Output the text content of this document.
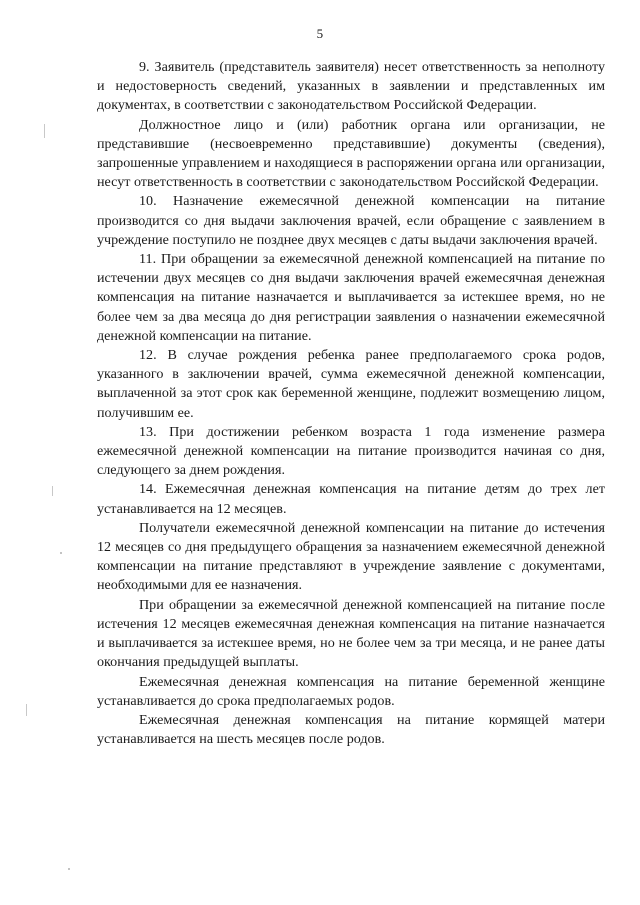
5

9. Заявитель (представитель заявителя) несет ответственность за неполноту и недостоверность сведений, указанных в заявлении и представленных им документах, в соответствии с законодательством Российской Федерации.

Должностное лицо и (или) работник органа или организации, не представившие (несвоевременно представившие) документы (сведения), запрошенные управлением и находящиеся в распоряжении органа или организации, несут ответственность в соответствии с законодательством Российской Федерации.

10. Назначение ежемесячной денежной компенсации на питание производится со дня выдачи заключения врачей, если обращение с заявлением в учреждение поступило не позднее двух месяцев с даты выдачи заключения врачей.

11. При обращении за ежемесячной денежной компенсацией на питание по истечении двух месяцев со дня выдачи заключения врачей ежемесячная денежная компенсация на питание назначается и выплачивается за истекшее время, но не более чем за два месяца до дня регистрации заявления о назначении ежемесячной денежной компенсации на питание.

12. В случае рождения ребенка ранее предполагаемого срока родов, указанного в заключении врачей, сумма ежемесячной денежной компенсации, выплаченной за этот срок как беременной женщине, подлежит возмещению лицом, получившим ее.

13. При достижении ребенком возраста 1 года изменение размера ежемесячной денежной компенсации на питание производится начиная со дня, следующего за днем рождения.

14. Ежемесячная денежная компенсация на питание детям до трех лет устанавливается на 12 месяцев.

Получатели ежемесячной денежной компенсации на питание до истечения 12 месяцев со дня предыдущего обращения за назначением ежемесячной денежной компенсации на питание представляют в учреждение заявление с документами, необходимыми для ее назначения.

При обращении за ежемесячной денежной компенсацией на питание после истечения 12 месяцев ежемесячная денежная компенсация на питание назначается и выплачивается за истекшее время, но не более чем за три месяца, и не ранее даты окончания предыдущей выплаты.

Ежемесячная денежная компенсация на питание беременной женщине устанавливается до срока предполагаемых родов.

Ежемесячная денежная компенсация на питание кормящей матери устанавливается на шесть месяцев после родов.
